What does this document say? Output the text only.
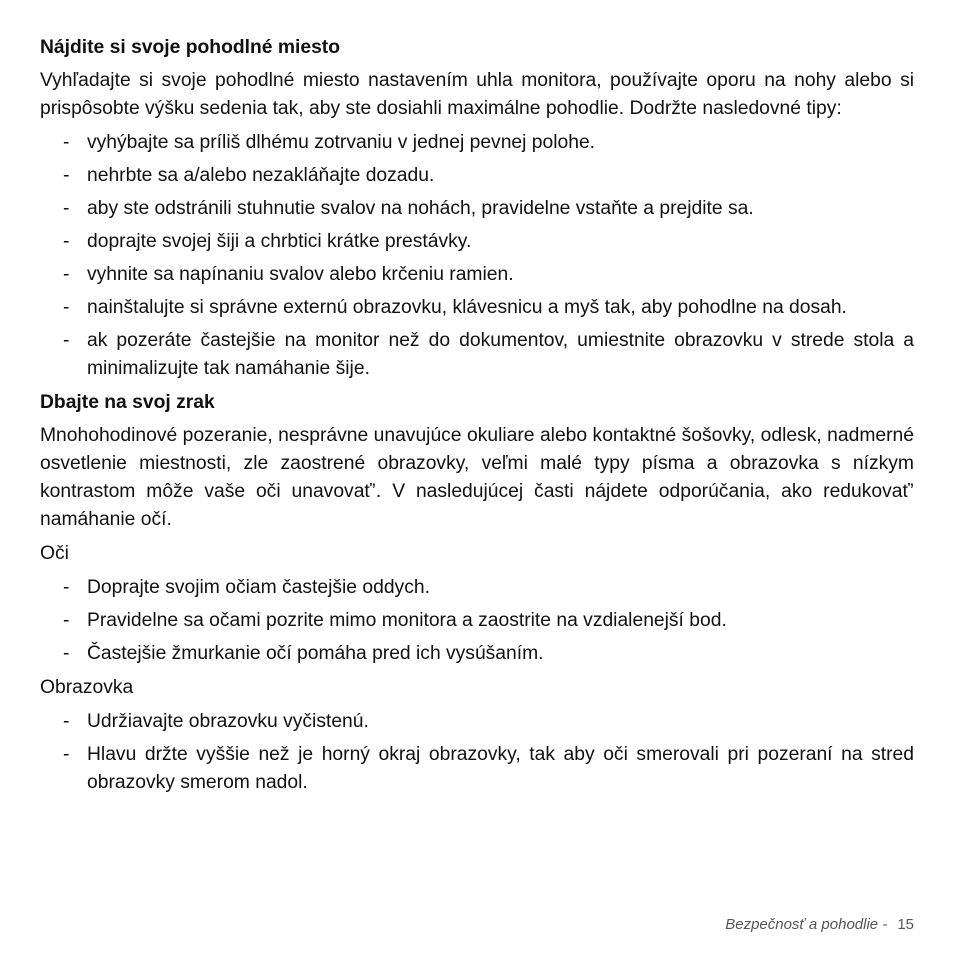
Nájdite si svoje pohodlné miesto

Vyhľadajte si svoje pohodlné miesto nastavením uhla monitora, používajte oporu na nohy alebo si prispôsobte výšku sedenia tak, aby ste dosiahli maximálne pohodlie. Dodržte nasledovné tipy:

- vyhýbajte sa príliš dlhému zotrvaniu v jednej pevnej polohe.
- nehrbte sa a/alebo nezakláňajte dozadu.
- aby ste odstránili stuhnutie svalov na nohách, pravidelne vstaňte a prejdite sa.
- doprajte svojej šiji a chrbtici krátke prestávky.
- vyhnite sa napínaniu svalov alebo krčeniu ramien.
- nainštalujte si správne externú obrazovku, klávesnicu a myš tak, aby pohodlne na dosah.
- ak pozeráte častejšie na monitor než do dokumentov, umiestnite obrazovku v strede stola a minimalizujte tak namáhanie šije.
Dbajte na svoj zrak

Mnohohodinové pozeranie, nesprávne unavujúce okuliare alebo kontaktné šošovky, odlesk, nadmerné osvetlenie miestnosti, zle zaostrené obrazovky, veľmi malé typy písma a obrazovka s nízkym kontrastom môže vaše oči unavovať’. V nasledujúcej časti nájdete odporúčania, ako redukovať’ namáhanie očí.

Oči
- Doprajte svojim očiam častejšie oddych.
- Pravidelne sa očami pozrite mimo monitora a zaostrite na vzdialenejší bod.
- Častejšie žmurkanie očí pomáha pred ich vysúšaním.
Obrazovka
- Udržiavajte obrazovku vyčistenú.
- Hlavu držte vyššie než je horný okraj obrazovky, tak aby oči smerovali pri pozeraní na stred obrazovky smerom nadol.
Bezpečnosť a pohodlie - 15
